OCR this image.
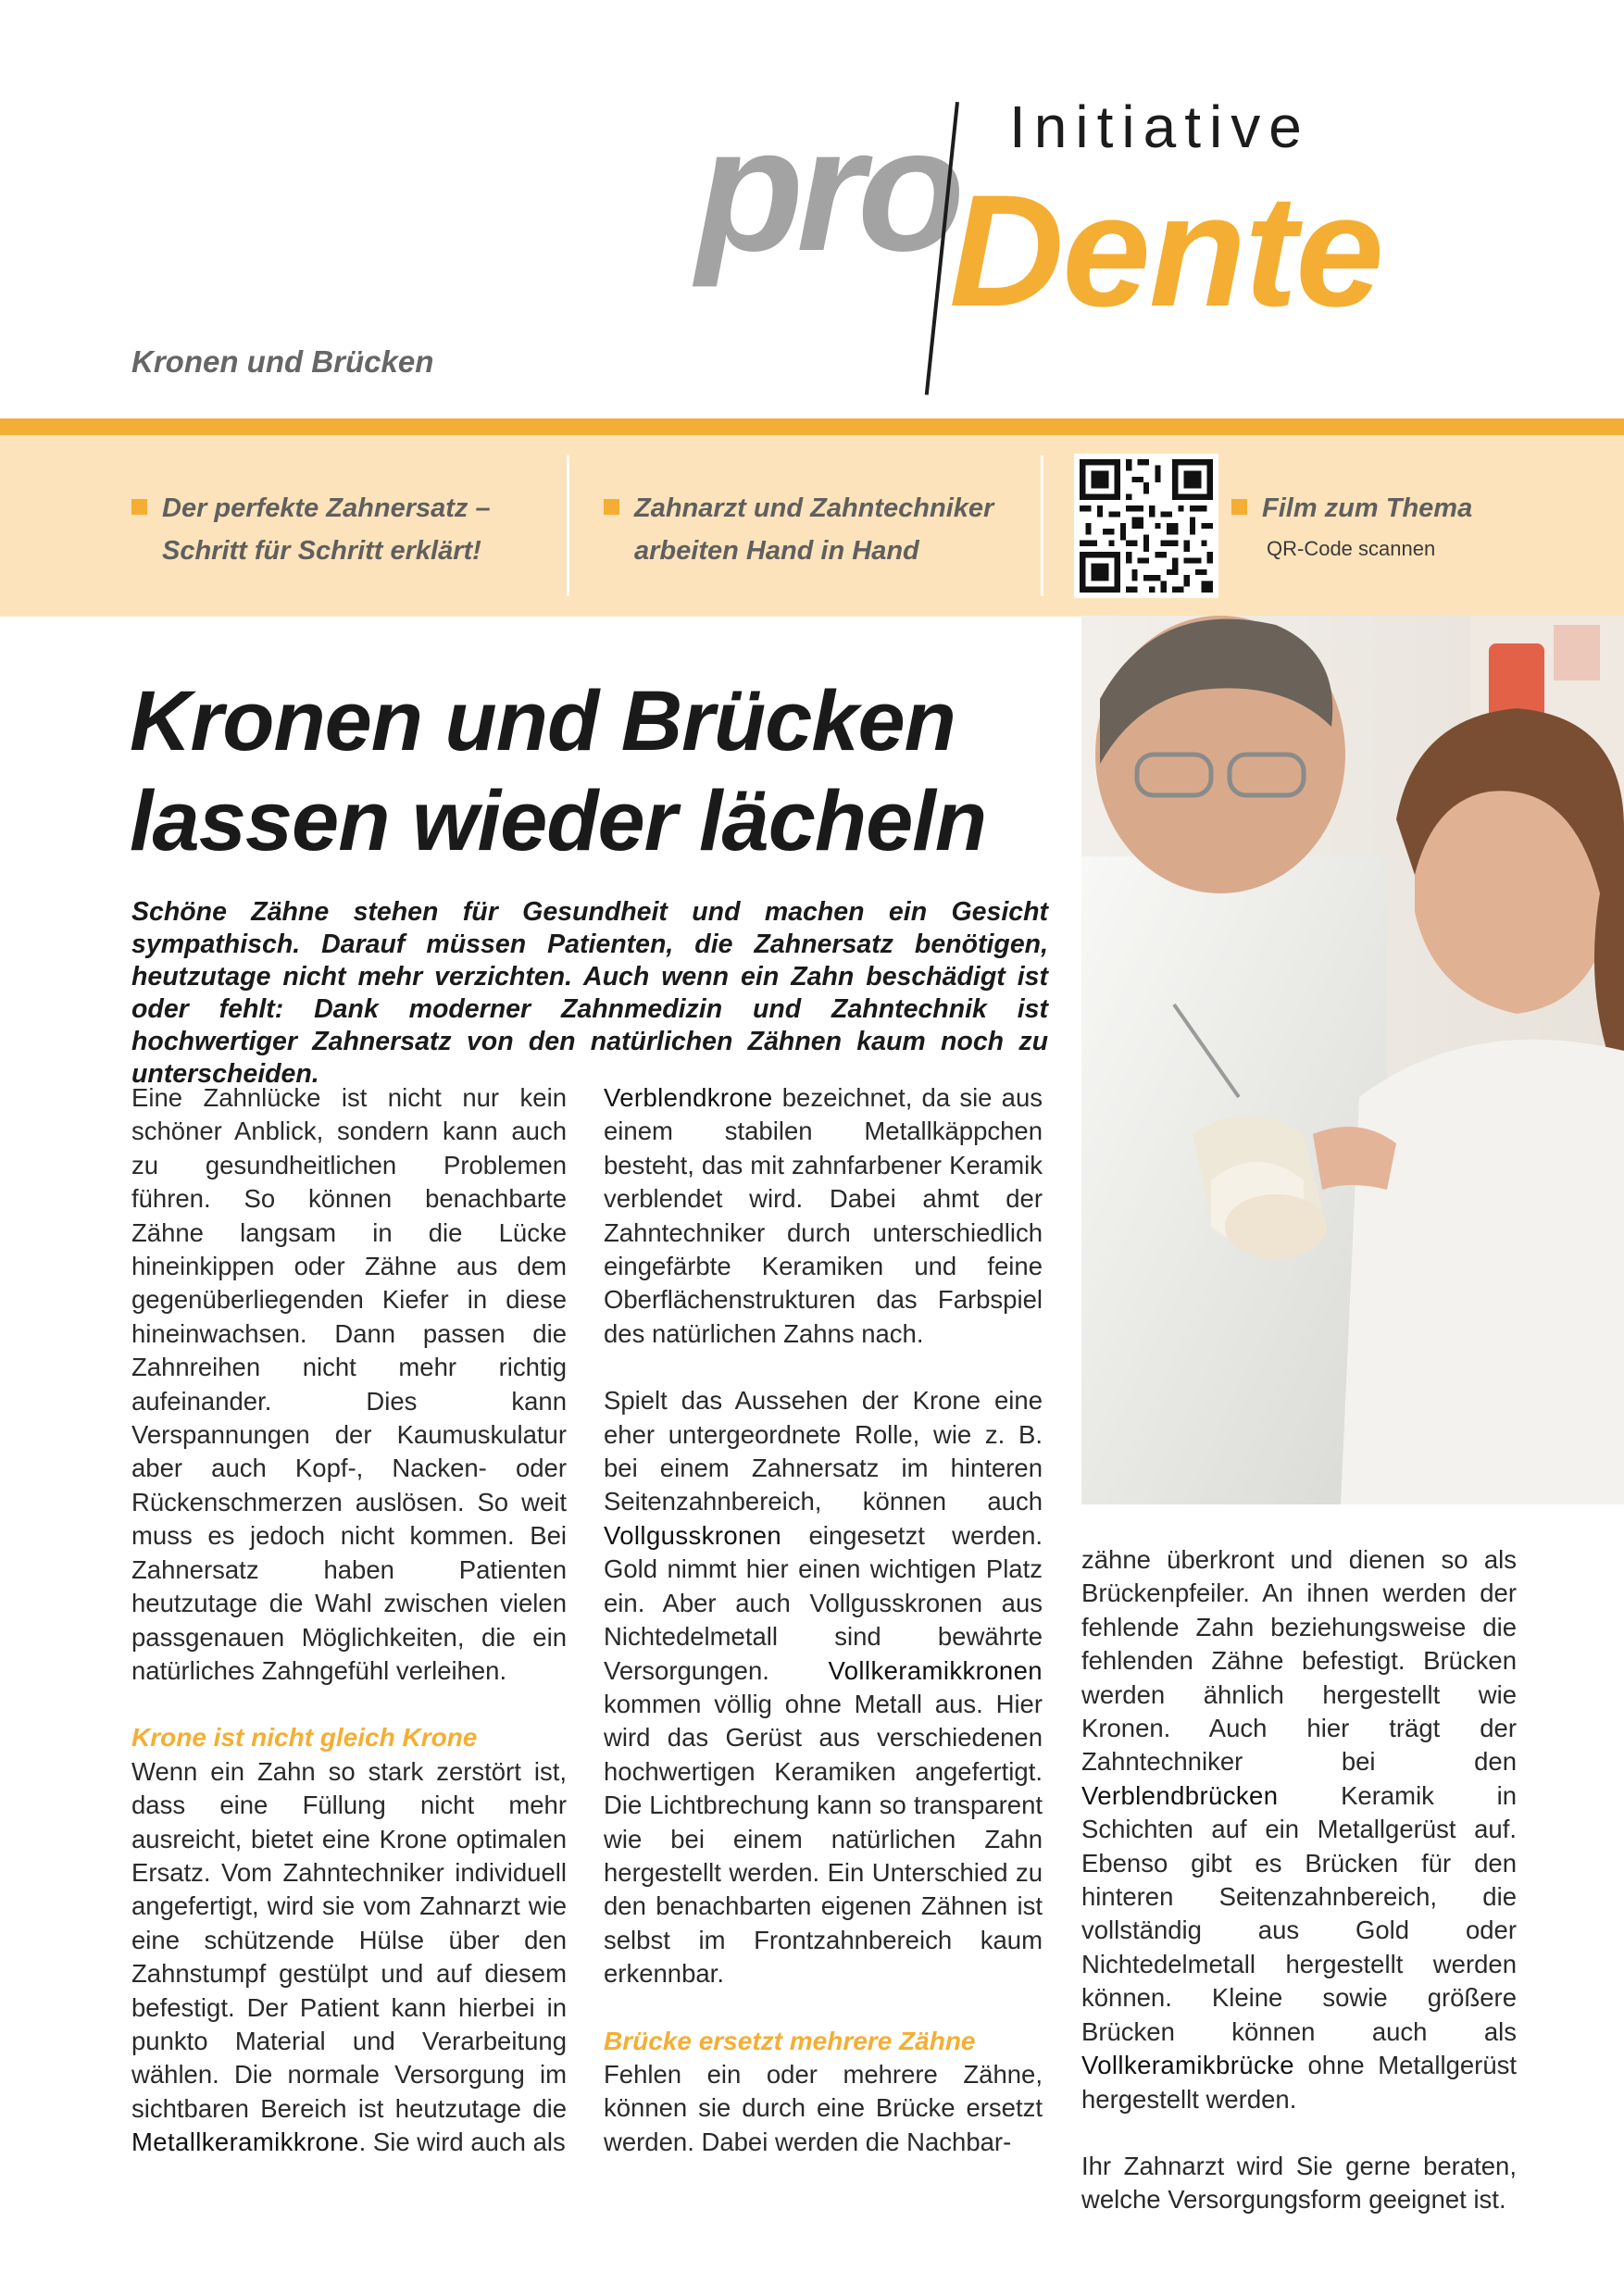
pro Initiative
Dente
Kronen und Brücken
Der perfekte Zahnersatz –
Schritt für Schritt erklärt!
Zahnarzt und Zahntechniker
arbeiten Hand in Hand
Film zum Thema
QR-Code scannen
Kronen und Brücken
lassen wieder lächeln
Schöne Zähne stehen für Gesundheit und machen ein Gesicht sympathisch. Darauf müssen Patienten, die Zahnersatz benötigen, heutzutage nicht mehr verzichten. Auch wenn ein Zahn beschädigt ist oder fehlt: Dank moderner Zahnmedizin und Zahntechnik ist hochwertiger Zahnersatz von den natürlichen Zähnen kaum noch zu unterscheiden.

Eine Zahnlücke ist nicht nur kein schöner Anblick, sondern kann auch zu gesundheitlichen Problemen führen. So können benachbarte Zähne langsam in die Lücke hineinkippen oder Zähne aus dem gegenüberliegenden Kiefer in diese hineinwachsen. Dann passen die Zahnreihen nicht mehr richtig aufeinander. Dies kann Verspannungen der Kaumuskulatur aber auch Kopf-, Nacken- oder Rückenschmerzen auslösen. So weit muss es jedoch nicht kommen. Bei Zahnersatz haben Patienten heutzutage die Wahl zwischen vielen passgenauen Möglichkeiten, die ein natürliches Zahngefühl verleihen.

Krone ist nicht gleich Krone

Wenn ein Zahn so stark zerstört ist, dass eine Füllung nicht mehr ausreicht, bietet eine Krone optimalen Ersatz. Vom Zahntechniker individuell angefertigt, wird sie vom Zahnarzt wie eine schützende Hülse über den Zahnstumpf gestülpt und auf diesem befestigt. Der Patient kann hierbei in punkto Material und Verarbeitung wählen. Die normale Versorgung im sichtbaren Bereich ist heutzutage die Metallkeramikkrone. Sie wird auch als

Verblendkrone bezeichnet, da sie aus einem stabilen Metallkäppchen besteht, das mit zahnfarbener Keramik verblendet wird. Dabei ahmt der Zahntechniker durch unterschiedlich eingefärbte Keramiken und feine Oberflächenstrukturen das Farbspiel des natürlichen Zahns nach.

Spielt das Aussehen der Krone eine eher untergeordnete Rolle, wie z. B. bei einem Zahnersatz im hinteren Seitenzahnbereich, können auch Vollgusskronen eingesetzt werden. Gold nimmt hier einen wichtigen Platz ein. Aber auch Vollgusskronen aus Nichtedelmetall sind bewährte Versorgungen. Vollkeramikkronen kommen völlig ohne Metall aus. Hier wird das Gerüst aus verschiedenen hochwertigen Keramiken angefertigt. Die Lichtbrechung kann so transparent wie bei einem natürlichen Zahn hergestellt werden. Ein Unterschied zu den benachbarten eigenen Zähnen ist selbst im Frontzahnbereich kaum erkennbar.

Brücke ersetzt mehrere Zähne

Fehlen ein oder mehrere Zähne, können sie durch eine Brücke ersetzt werden. Dabei werden die Nachbar-

zähne überkront und dienen so als Brückenpfeiler. An ihnen werden der fehlende Zahn beziehungsweise die fehlenden Zähne befestigt. Brücken werden ähnlich hergestellt wie Kronen. Auch hier trägt der Zahntechniker bei den Verblendbrücken Keramik in Schichten auf ein Metallgerüst auf. Ebenso gibt es Brücken für den hinteren Seitenzahnbereich, die vollständig aus Gold oder Nichtedelmetall hergestellt werden können. Kleine sowie größere Brücken können auch als Vollkeramikbrücke ohne Metallgerüst hergestellt werden.

Ihr Zahnarzt wird Sie gerne beraten, welche Versorgungsform geeignet ist.
